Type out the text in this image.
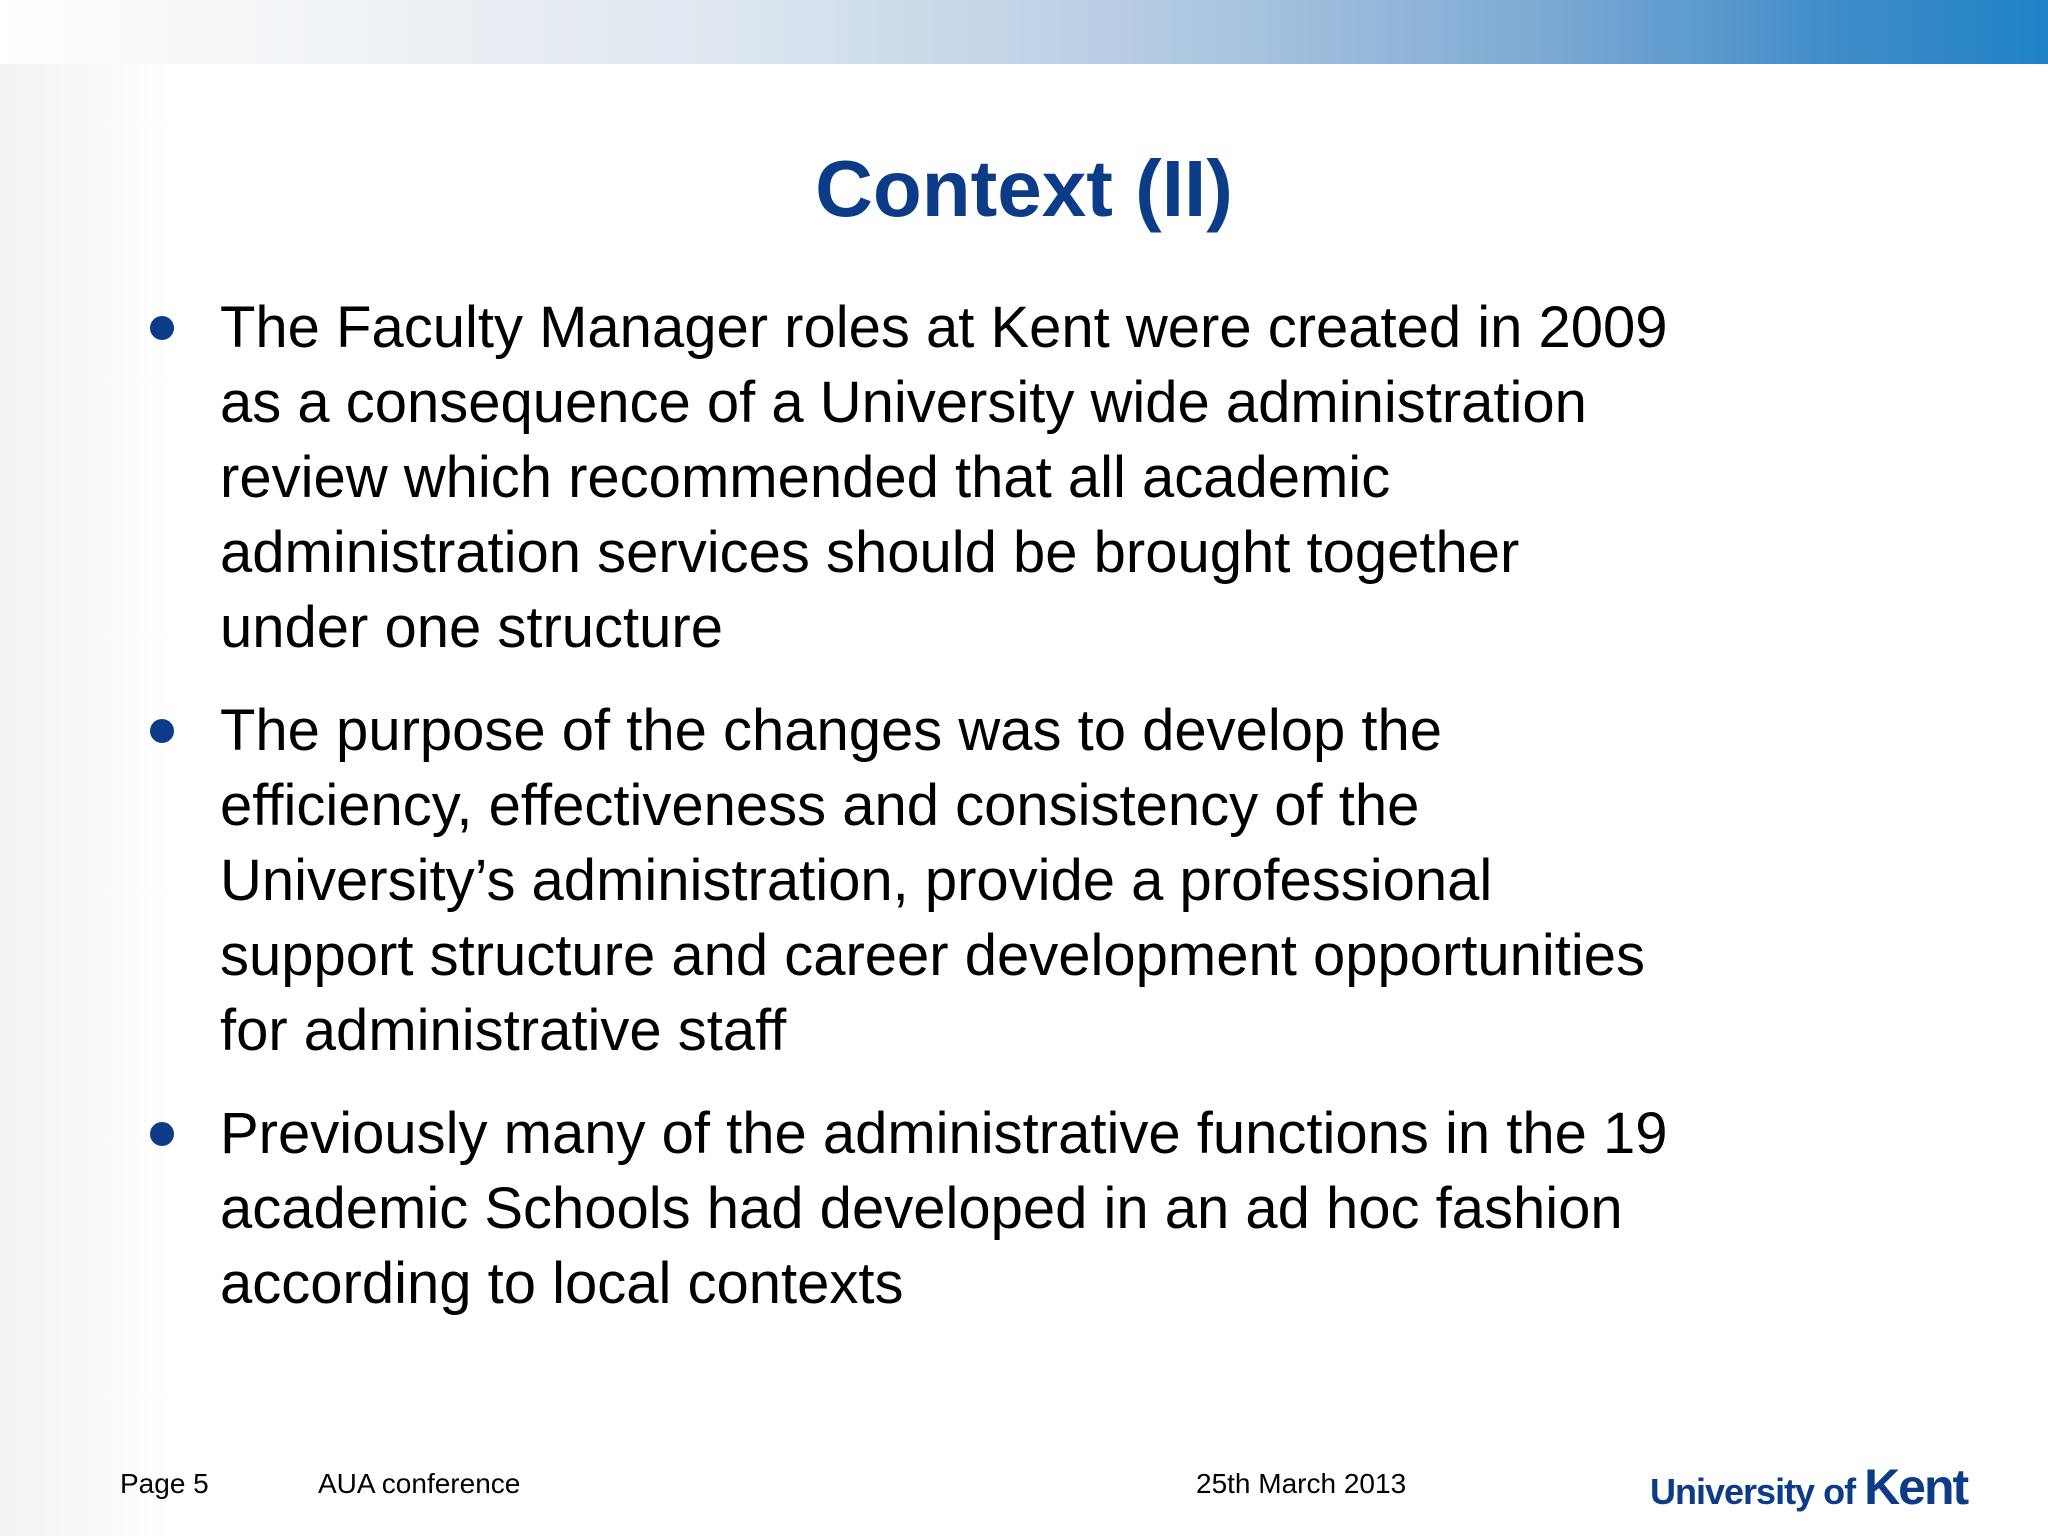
Context (II)
The Faculty Manager roles at Kent were created in 2009
as a consequence of a University wide administration
review which recommended that all academic
administration services should be brought together
under one structure
The purpose of the changes was to develop the
efficiency, effectiveness and consistency of the
University’s administration, provide a professional
support structure and career development opportunities
for administrative staff
Previously many of the administrative functions in the 19
academic Schools had developed in an ad hoc fashion
according to local contexts
Page 5	AUA conference	25th March 2013	University of Kent
